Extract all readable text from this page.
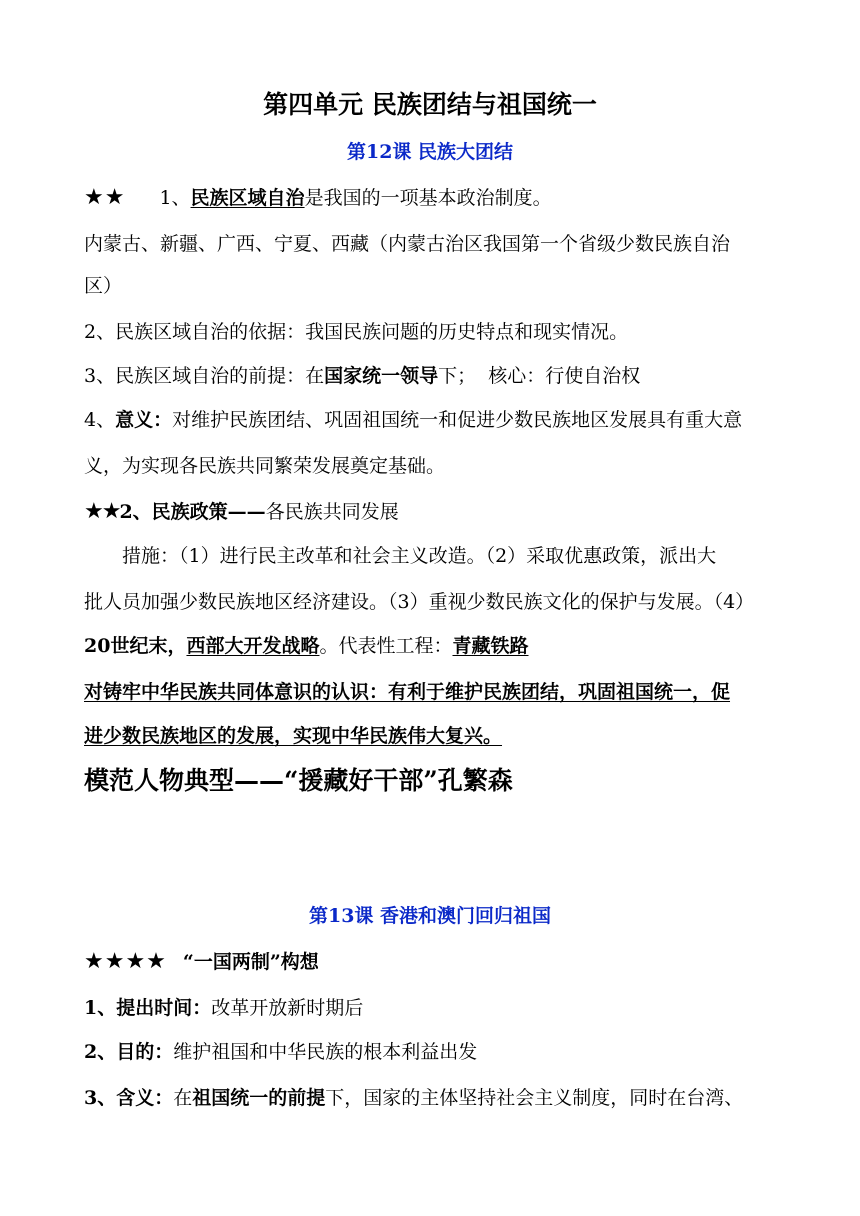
第四单元 民族团结与祖国统一
第12课 民族大团结
★★ 1、民族区域自治是我国的一项基本政治制度。
内蒙古、新疆、广西、宁夏、西藏（内蒙古治区我国第一个省级少数民族自治
区）
2、民族区域自治的依据：我国民族问题的历史特点和现实情况。
3、民族区域自治的前提：在国家统一领导下；  核心：行使自治权
4、意义：对维护民族团结、巩固祖国统一和促进少数民族地区发展具有重大意
义，为实现各民族共同繁荣发展奠定基础。
★★2、民族政策——各民族共同发展
措施：（1）进行民主改革和社会主义改造。（2）采取优惠政策，派出大
批人员加强少数民族地区经济建设。（3）重视少数民族文化的保护与发展。（4）
20世纪末，西部大开发战略。代表性工程：青藏铁路
对铸牢中华民族共同体意识的认识：有利于维护民族团结，巩固祖国统一，促
进少数民族地区的发展，实现中华民族伟大复兴。
模范人物典型——“援藏好干部”孔繁森
第13课 香港和澳门回归祖国
★★★★ “一国两制”构想
1、提出时间：改革开放新时期后
2、目的：维护祖国和中华民族的根本利益出发
3、含义：在祖国统一的前提下，国家的主体坚持社会主义制度，同时在台湾、
